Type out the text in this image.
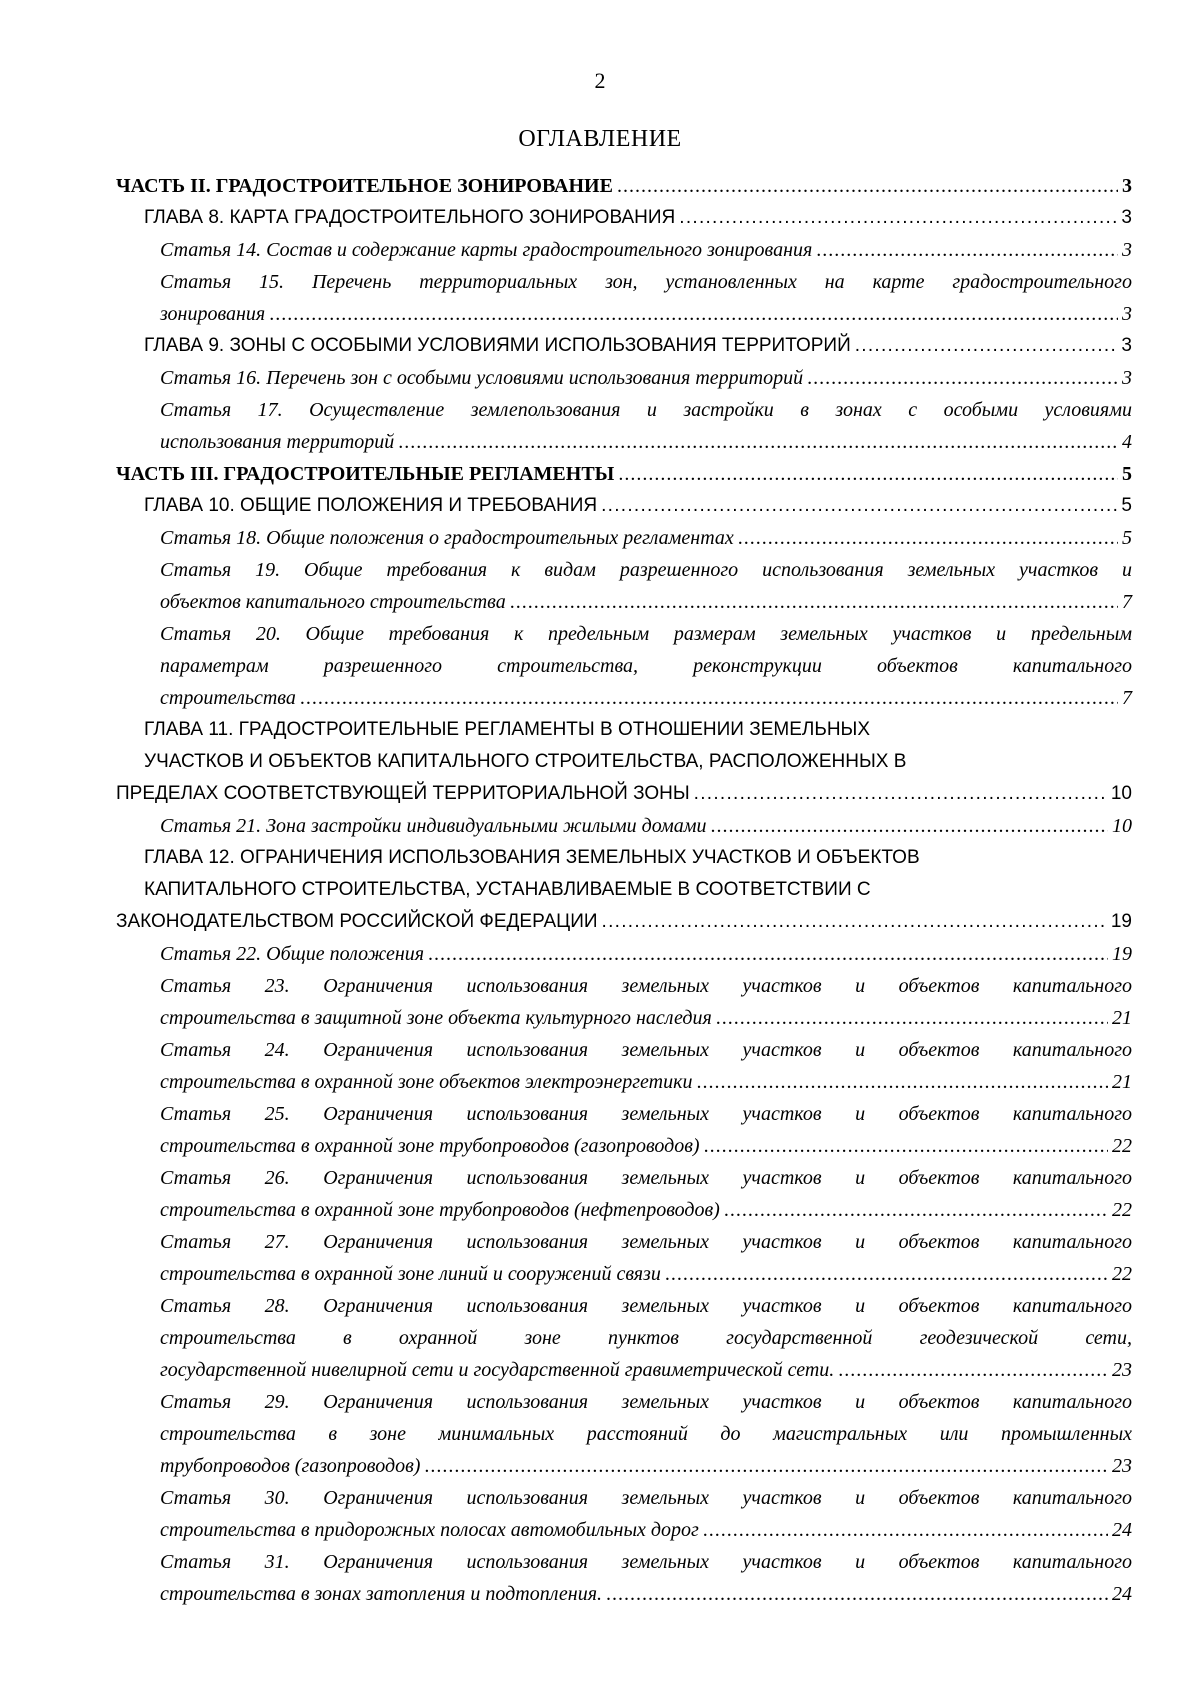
2
ОГЛАВЛЕНИЕ
ЧАСТЬ II. ГРАДОСТРОИТЕЛЬНОЕ ЗОНИРОВАНИЕ . . .	3
ГЛАВА 8. КАРТА ГРАДОСТРОИТЕЛЬНОГО ЗОНИРОВАНИЯ . . .	3
Статья 14. Состав и содержание карты градостроительного зонирования . . .	3
Статья 15. Перечень территориальных зон, установленных на карте градостроительного
зонирования . . .	3
ГЛАВА 9. ЗОНЫ С ОСОБЫМИ УСЛОВИЯМИ ИСПОЛЬЗОВАНИЯ ТЕРРИТОРИЙ . . .	3
Статья 16. Перечень зон с особыми условиями использования территорий . . .	3
Статья 17. Осуществление землепользования и застройки в зонах с особыми условиями
использования территорий . . .	4
ЧАСТЬ III. ГРАДОСТРОИТЕЛЬНЫЕ РЕГЛАМЕНТЫ . . .	5
ГЛАВА 10. ОБЩИЕ ПОЛОЖЕНИЯ И ТРЕБОВАНИЯ . . .	5
Статья 18. Общие положения о градостроительных регламентах . . .	5
Статья 19. Общие требования к видам разрешенного использования земельных участков и
объектов капитального строительства . . .	7
Статья 20. Общие требования к предельным размерам земельных участков и предельным
параметрам разрешенного строительства, реконструкции объектов капитального
строительства . . .	7
ГЛАВА 11. ГРАДОСТРОИТЕЛЬНЫЕ РЕГЛАМЕНТЫ В ОТНОШЕНИИ ЗЕМЕЛЬНЫХ
УЧАСТКОВ И ОБЪЕКТОВ КАПИТАЛЬНОГО СТРОИТЕЛЬСТВА, РАСПОЛОЖЕННЫХ В
ПРЕДЕЛАХ СООТВЕТСТВУЮЩЕЙ ТЕРРИТОРИАЛЬНОЙ ЗОНЫ . . .	10
Статья 21. Зона застройки индивидуальными жилыми домами . . .	10
ГЛАВА 12. ОГРАНИЧЕНИЯ ИСПОЛЬЗОВАНИЯ ЗЕМЕЛЬНЫХ УЧАСТКОВ И ОБЪЕКТОВ
КАПИТАЛЬНОГО СТРОИТЕЛЬСТВА, УСТАНАВЛИВАЕМЫЕ В СООТВЕТСТВИИ С
ЗАКОНОДАТЕЛЬСТВОМ РОССИЙСКОЙ ФЕДЕРАЦИИ . . .	19
Статья 22. Общие положения . . .	19
Статья 23. Ограничения использования земельных участков и объектов капитального
строительства в защитной зоне объекта культурного наследия . . .	21
Статья 24. Ограничения использования земельных участков и объектов капитального
строительства в охранной зоне объектов электроэнергетики . . .	21
Статья 25. Ограничения использования земельных участков и объектов капитального
строительства в охранной зоне трубопроводов (газопроводов) . . .	22
Статья 26. Ограничения использования земельных участков и объектов капитального
строительства в охранной зоне трубопроводов (нефтепроводов) . . .	22
Статья 27. Ограничения использования земельных участков и объектов капитального
строительства в охранной зоне линий и сооружений связи . . .	22
Статья 28. Ограничения использования земельных участков и объектов капитального
строительства в охранной зоне пунктов государственной геодезической сети,
государственной нивелирной сети и государственной гравиметрической сети. . . .	23
Статья 29. Ограничения использования земельных участков и объектов капитального
строительства в зоне минимальных расстояний до магистральных или промышленных
трубопроводов (газопроводов) . . .	23
Статья 30. Ограничения использования земельных участков и объектов капитального
строительства в придорожных полосах автомобильных дорог . . .	24
Статья 31. Ограничения использования земельных участков и объектов капитального
строительства в зонах затопления и подтопления. . . .	24
